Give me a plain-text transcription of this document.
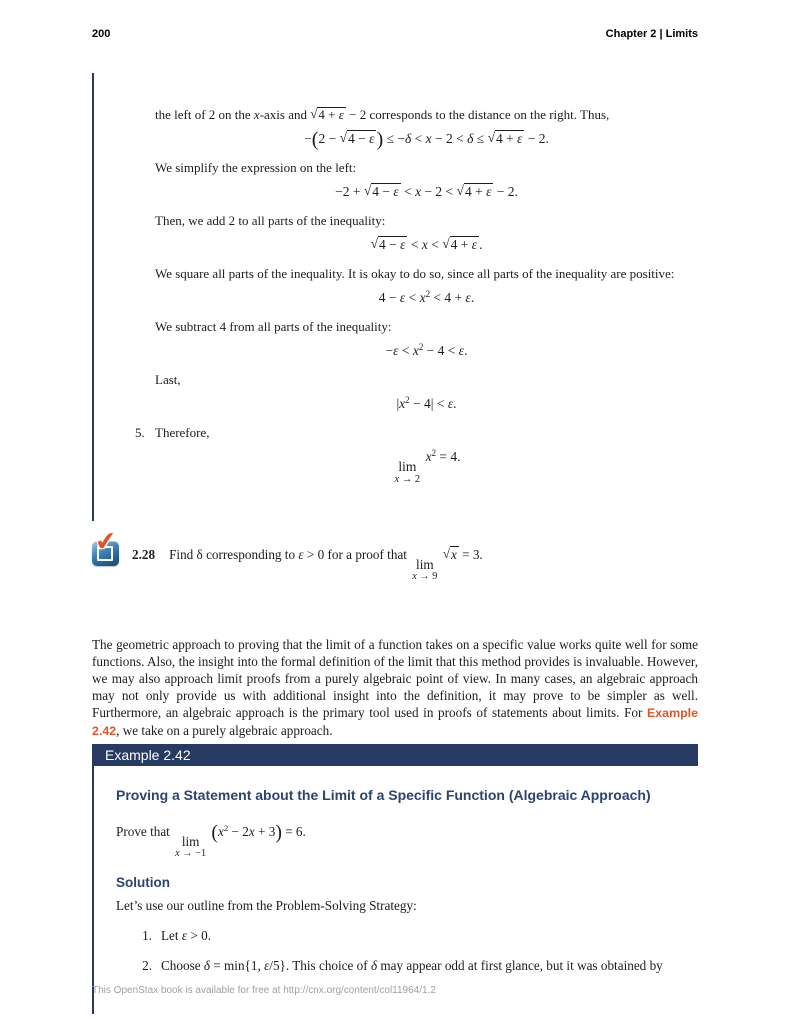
200	Chapter 2 | Limits

the left of 2 on the x-axis and √4 + ε − 2 corresponds to the distance on the right. Thus,

−(2 − √4 − ε) ≤ −δ < x − 2 < δ ≤ √4 + ε − 2.

We simplify the expression on the left:

−2 + √4 − ε < x − 2 < √4 + ε − 2.

Then, we add 2 to all parts of the inequality:

√4 − ε < x < √4 + ε .

We square all parts of the inequality. It is okay to do so, since all parts of the inequality are positive:

$4 - \varepsilon < x^2 < 4 + \varepsilon$.

We subtract 4 from all parts of the inequality:

$-\varepsilon < x^2 - 4 < \varepsilon$.

Last,

$|x^2 - 4| < \varepsilon$.
5. Therefore,
lim
x → 2
$x^2 = 4$.
✔ 2.28 Find δ corresponding to ε > 0 for a proof that
lim
x → 9
√x = 3.

The geometric approach to proving that the limit of a function takes on a specific value works quite well for some functions. Also, the insight into the formal definition of the limit that this method provides is invaluable. However, we may also approach limit proofs from a purely algebraic point of view. In many cases, an algebraic approach may not only provide us with additional insight into the definition, it may prove to be simpler as well. Furthermore, an algebraic approach is the primary tool used in proofs of statements about limits. For Example 2.42, we take on a purely algebraic approach.

Example 2.42
Proving a Statement about the Limit of a Specific Function (Algebraic Approach)

Prove that
lim
x → −1
$(x^2 - 2x + 3) = 6$.

Solution

Let’s use our outline from the Problem-Solving Strategy:

1. Let ε > 0.
2. Choose δ = min{1, ε/5}. This choice of δ may appear odd at first glance, but it was obtained by
This OpenStax book is available for free at http://cnx.org/content/col11964/1.2
